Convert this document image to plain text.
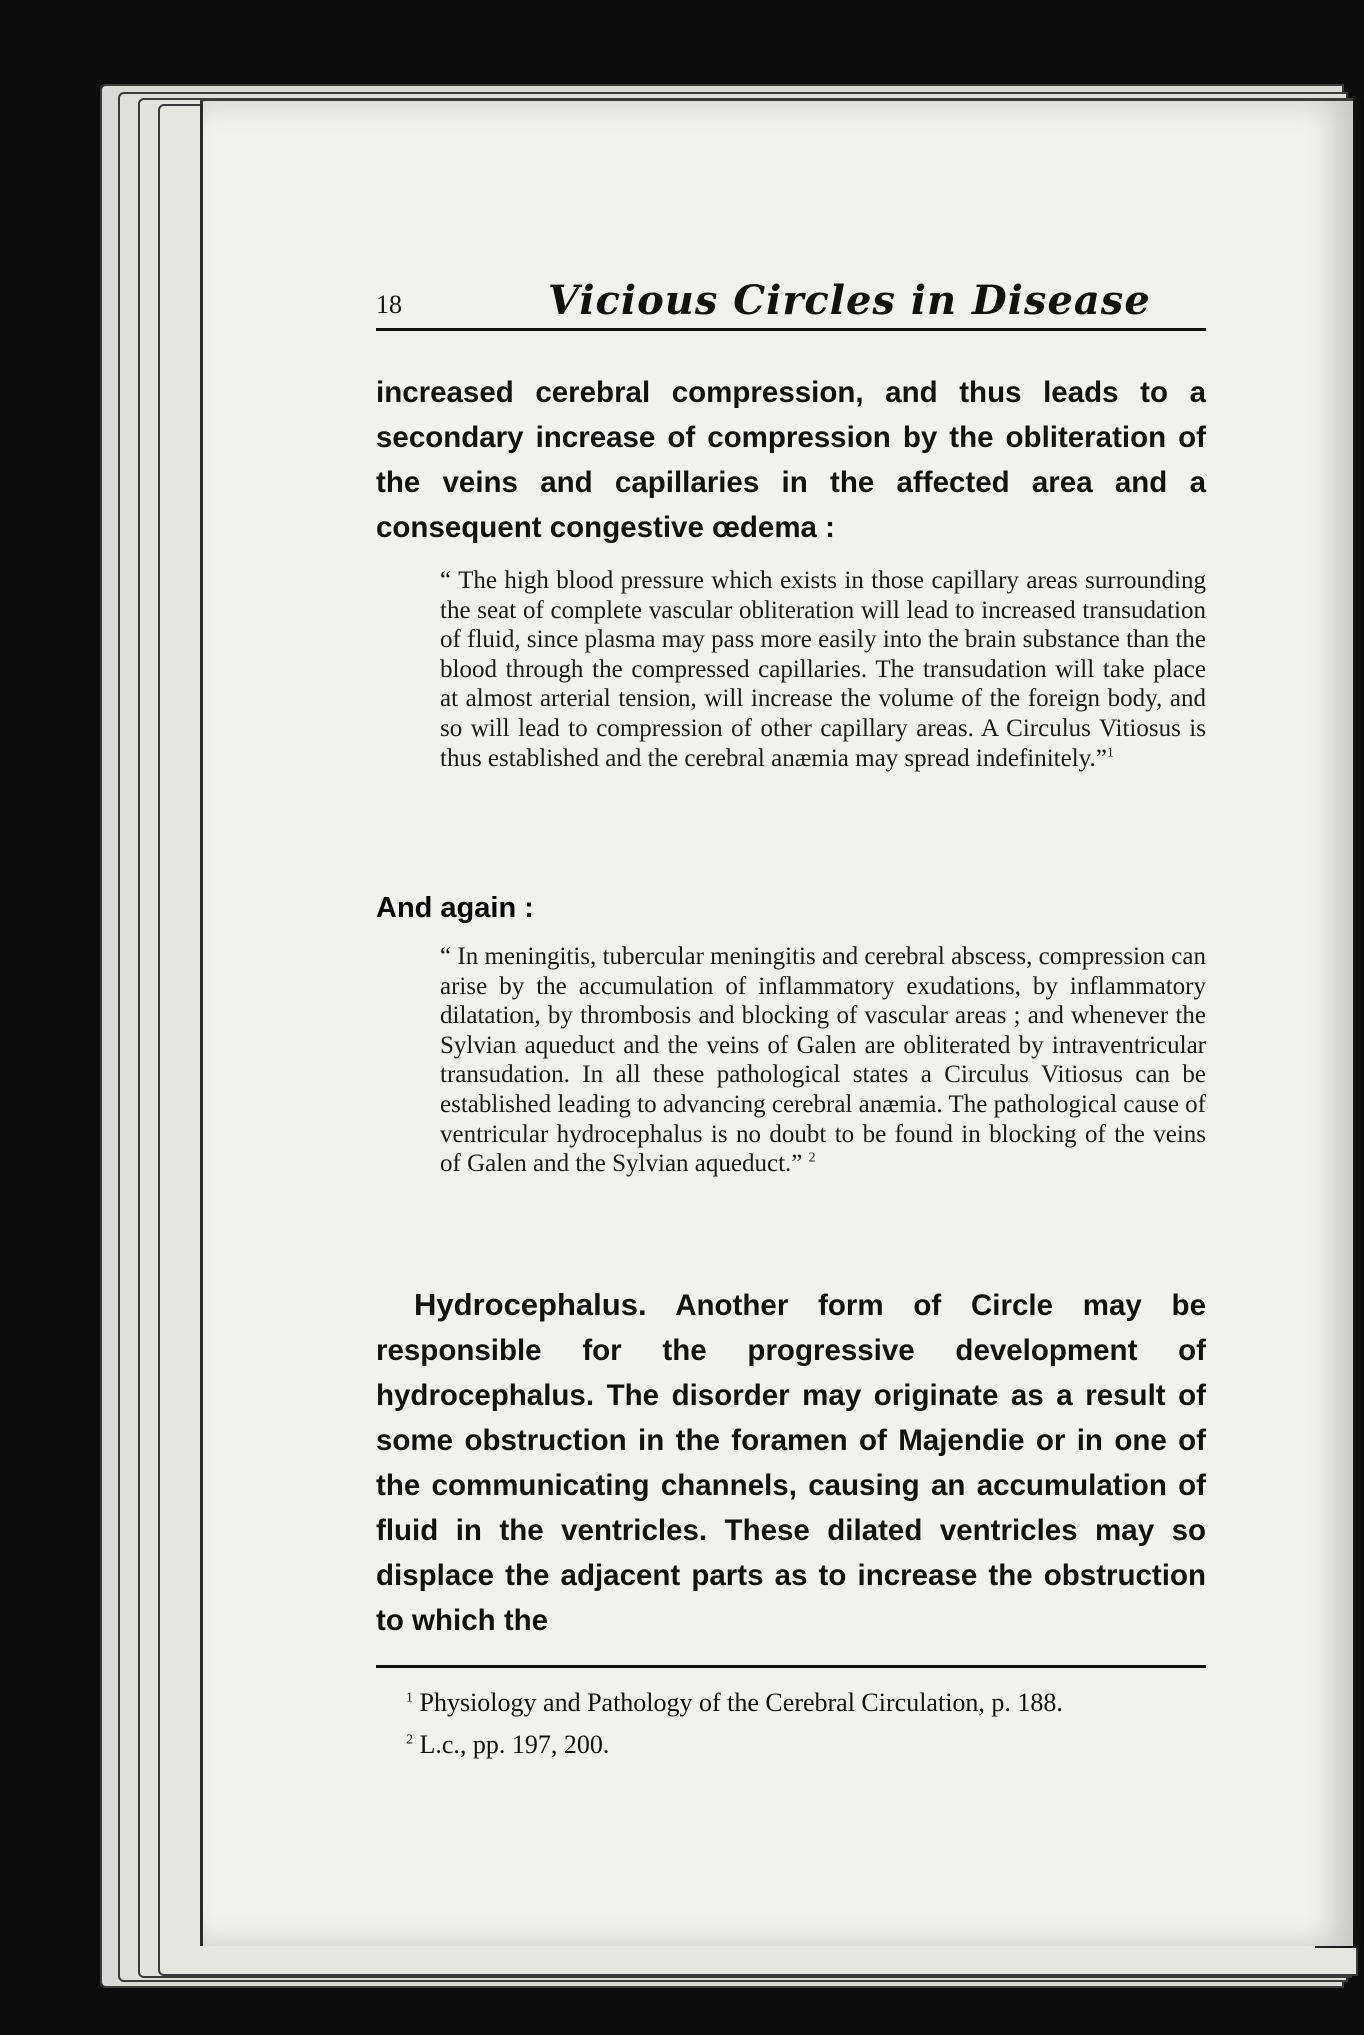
18	Vicious Circles in Disease
increased cerebral compression, and thus leads to a secondary increase of compression by the obliteration of the veins and capillaries in the affected area and a consequent congestive œdema :
“ The high blood pressure which exists in those capillary areas surrounding the seat of complete vascular obliteration will lead to increased transudation of fluid, since plasma may pass more easily into the brain substance than the blood through the compressed capillaries. The transudation will take place at almost arterial tension, will increase the volume of the foreign body, and so will lead to compression of other capillary areas. A Circulus Vitiosus is thus established and the cerebral anæmia may spread indefinitely.”$^1$
And again :
“ In meningitis, tubercular meningitis and cerebral abscess, compression can arise by the accumulation of inflammatory exudations, by inflammatory dilatation, by thrombosis and blocking of vascular areas ; and whenever the Sylvian aqueduct and the veins of Galen are obliterated by intraventricular transudation. In all these pathological states a Circulus Vitiosus can be established leading to advancing cerebral anæmia. The pathological cause of ventricular hydrocephalus is no doubt to be found in blocking of the veins of Galen and the Sylvian aqueduct.” $^2$
Hydrocephalus. Another form of Circle may be responsible for the progressive development of hydrocephalus. The disorder may originate as a result of some obstruction in the foramen of Majendie or in one of the communicating channels, causing an accumulation of fluid in the ventricles. These dilated ventricles may so displace the adjacent parts as to increase the obstruction to which the
$^1$ Physiology and Pathology of the Cerebral Circulation, p. 188.
$^2$ L.c., pp. 197, 200.
